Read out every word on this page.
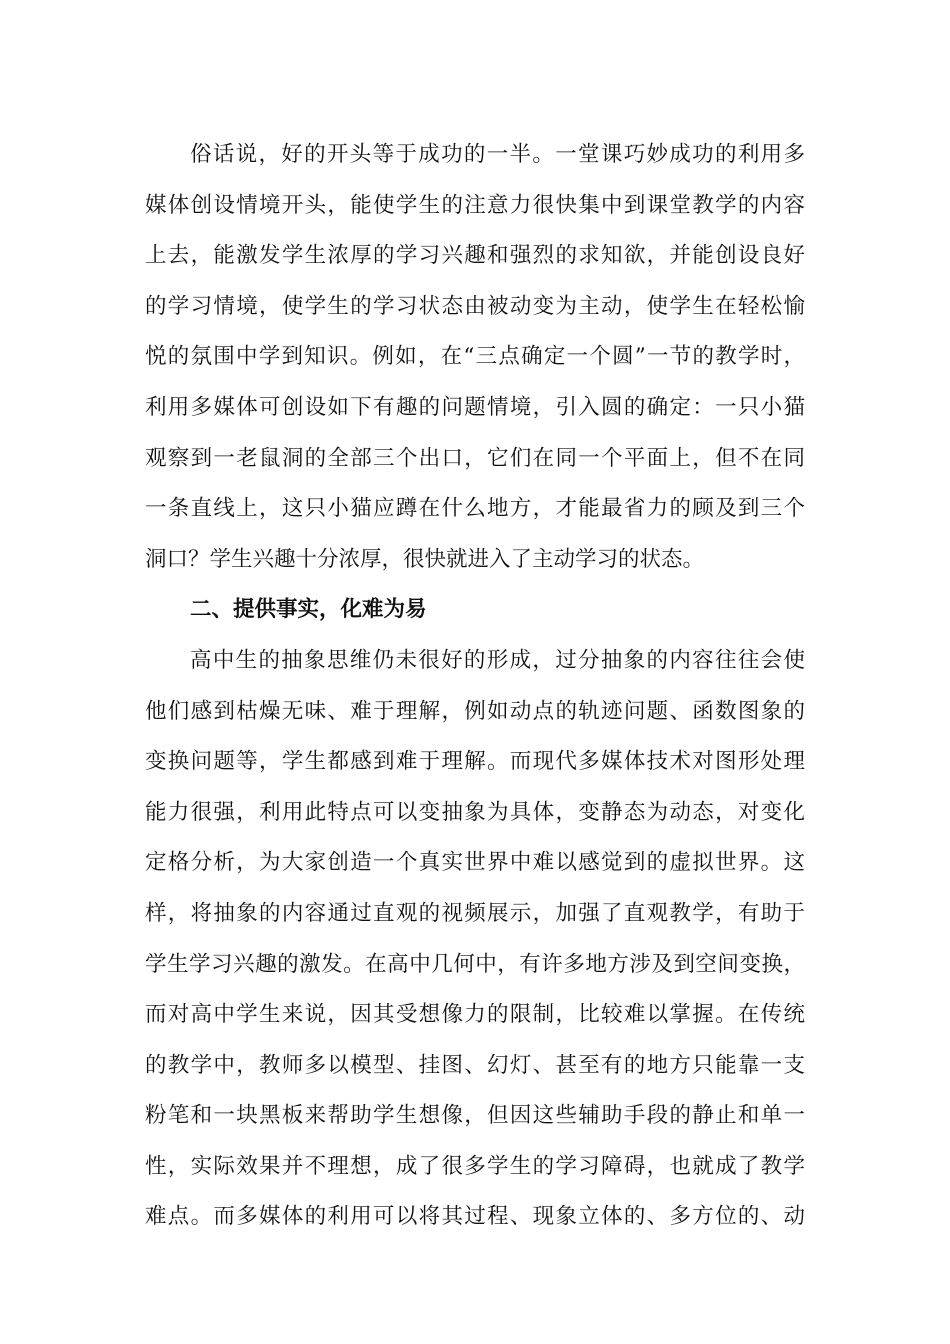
俗话说，好的开头等于成功的一半。一堂课巧妙成功的利用多
媒体创设情境开头，能使学生的注意力很快集中到课堂教学的内容
上去，能激发学生浓厚的学习兴趣和强烈的求知欲，并能创设良好
的学习情境，使学生的学习状态由被动变为主动，使学生在轻松愉
悦的氛围中学到知识。例如，在“三点确定一个圆”一节的教学时，
利用多媒体可创设如下有趣的问题情境，引入圆的确定：一只小猫
观察到一老鼠洞的全部三个出口，它们在同一个平面上，但不在同
一条直线上，这只小猫应蹲在什么地方，才能最省力的顾及到三个
洞口？学生兴趣十分浓厚，很快就进入了主动学习的状态。
二、提供事实，化难为易
高中生的抽象思维仍未很好的形成，过分抽象的内容往往会使
他们感到枯燥无味、难于理解，例如动点的轨迹问题、函数图象的
变换问题等，学生都感到难于理解。而现代多媒体技术对图形处理
能力很强，利用此特点可以变抽象为具体，变静态为动态，对变化
定格分析，为大家创造一个真实世界中难以感觉到的虚拟世界。这
样，将抽象的内容通过直观的视频展示，加强了直观教学，有助于
学生学习兴趣的激发。在高中几何中，有许多地方涉及到空间变换，
而对高中学生来说，因其受想像力的限制，比较难以掌握。在传统
的教学中，教师多以模型、挂图、幻灯、甚至有的地方只能靠一支
粉笔和一块黑板来帮助学生想像，但因这些辅助手段的静止和单一
性，实际效果并不理想，成了很多学生的学习障碍，也就成了教学
难点。而多媒体的利用可以将其过程、现象立体的、多方位的、动
